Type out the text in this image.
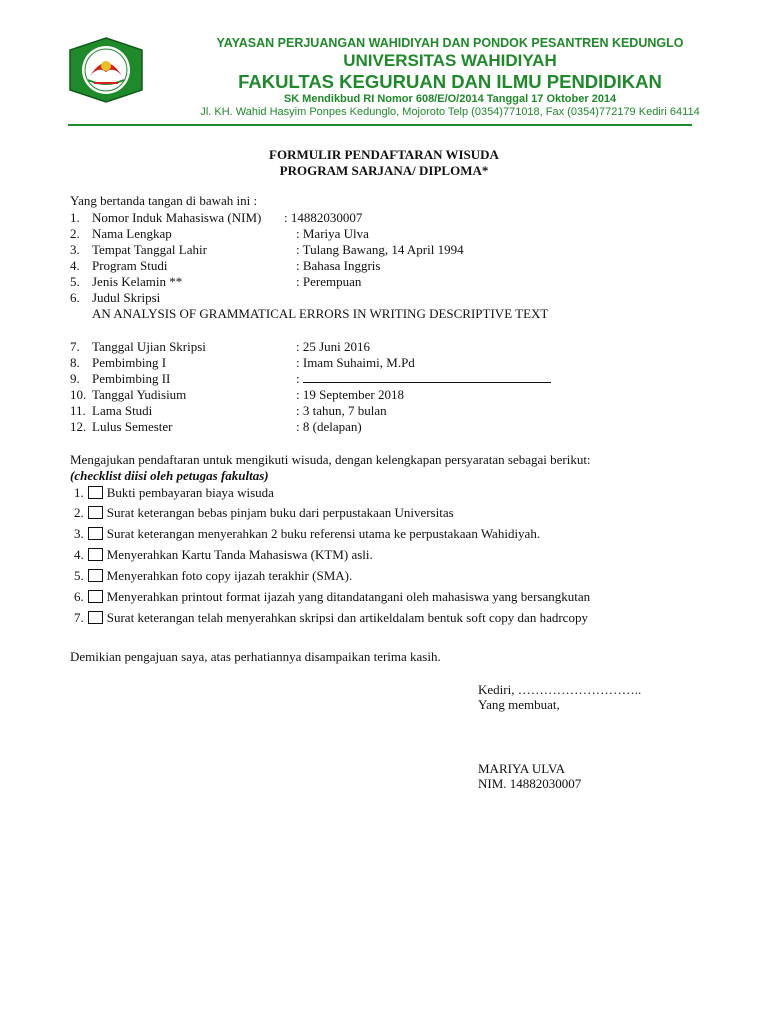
YAYASAN PERJUANGAN WAHIDIYAH DAN PONDOK PESANTREN KEDUNGLO
UNIVERSITAS WAHIDIYAH
FAKULTAS KEGURUAN DAN ILMU PENDIDIKAN
SK Mendikbud RI Nomor 608/E/O/2014 Tanggal 17 Oktober 2014
Jl. KH. Wahid Hasyim Ponpes Kedunglo, Mojoroto Telp (0354)771018, Fax (0354)772179 Kediri 64114
FORMULIR PENDAFTARAN WISUDA
PROGRAM SARJANA/ DIPLOMA*
Yang bertanda tangan di bawah ini :
1. Nomor Induk Mahasiswa (NIM) : 14882030007
2. Nama Lengkap	: Mariya Ulva
3. Tempat Tanggal Lahir	: Tulang Bawang, 14 April 1994
4. Program Studi	: Bahasa Inggris
5. Jenis Kelamin **	: Perempuan
6. Judul Skripsi
AN ANALYSIS OF GRAMMATICAL ERRORS IN WRITING DESCRIPTIVE TEXT
7. Tanggal Ujian Skripsi	: 25 Juni 2016
8. Pembimbing I	: Imam Suhaimi, M.Pd
9. Pembimbing II	:
10. Tanggal Yudisium	: 19 September 2018
11. Lama Studi	: 3 tahun, 7 bulan
12. Lulus Semester	: 8 (delapan)
Mengajukan pendaftaran untuk mengikuti wisuda, dengan kelengkapan persyaratan sebagai berikut:
(checklist diisi oleh petugas fakultas)
1. Bukti pembayaran biaya wisuda
2. Surat keterangan bebas pinjam buku dari perpustakaan Universitas
3. Surat keterangan menyerahkan 2 buku referensi utama ke perpustakaan Wahidiyah.
4. Menyerahkan Kartu Tanda Mahasiswa (KTM) asli.
5. Menyerahkan foto copy ijazah terakhir (SMA).
6. Menyerahkan printout format ijazah yang ditandatangani oleh mahasiswa yang bersangkutan
7. Surat keterangan telah menyerahkan skripsi dan artikeldalam bentuk soft copy dan hadrcopy
Demikian pengajuan saya, atas perhatiannya disampaikan terima kasih.
Kediri, ………………………..
Yang membuat,
MARIYA ULVA
NIM. 14882030007
